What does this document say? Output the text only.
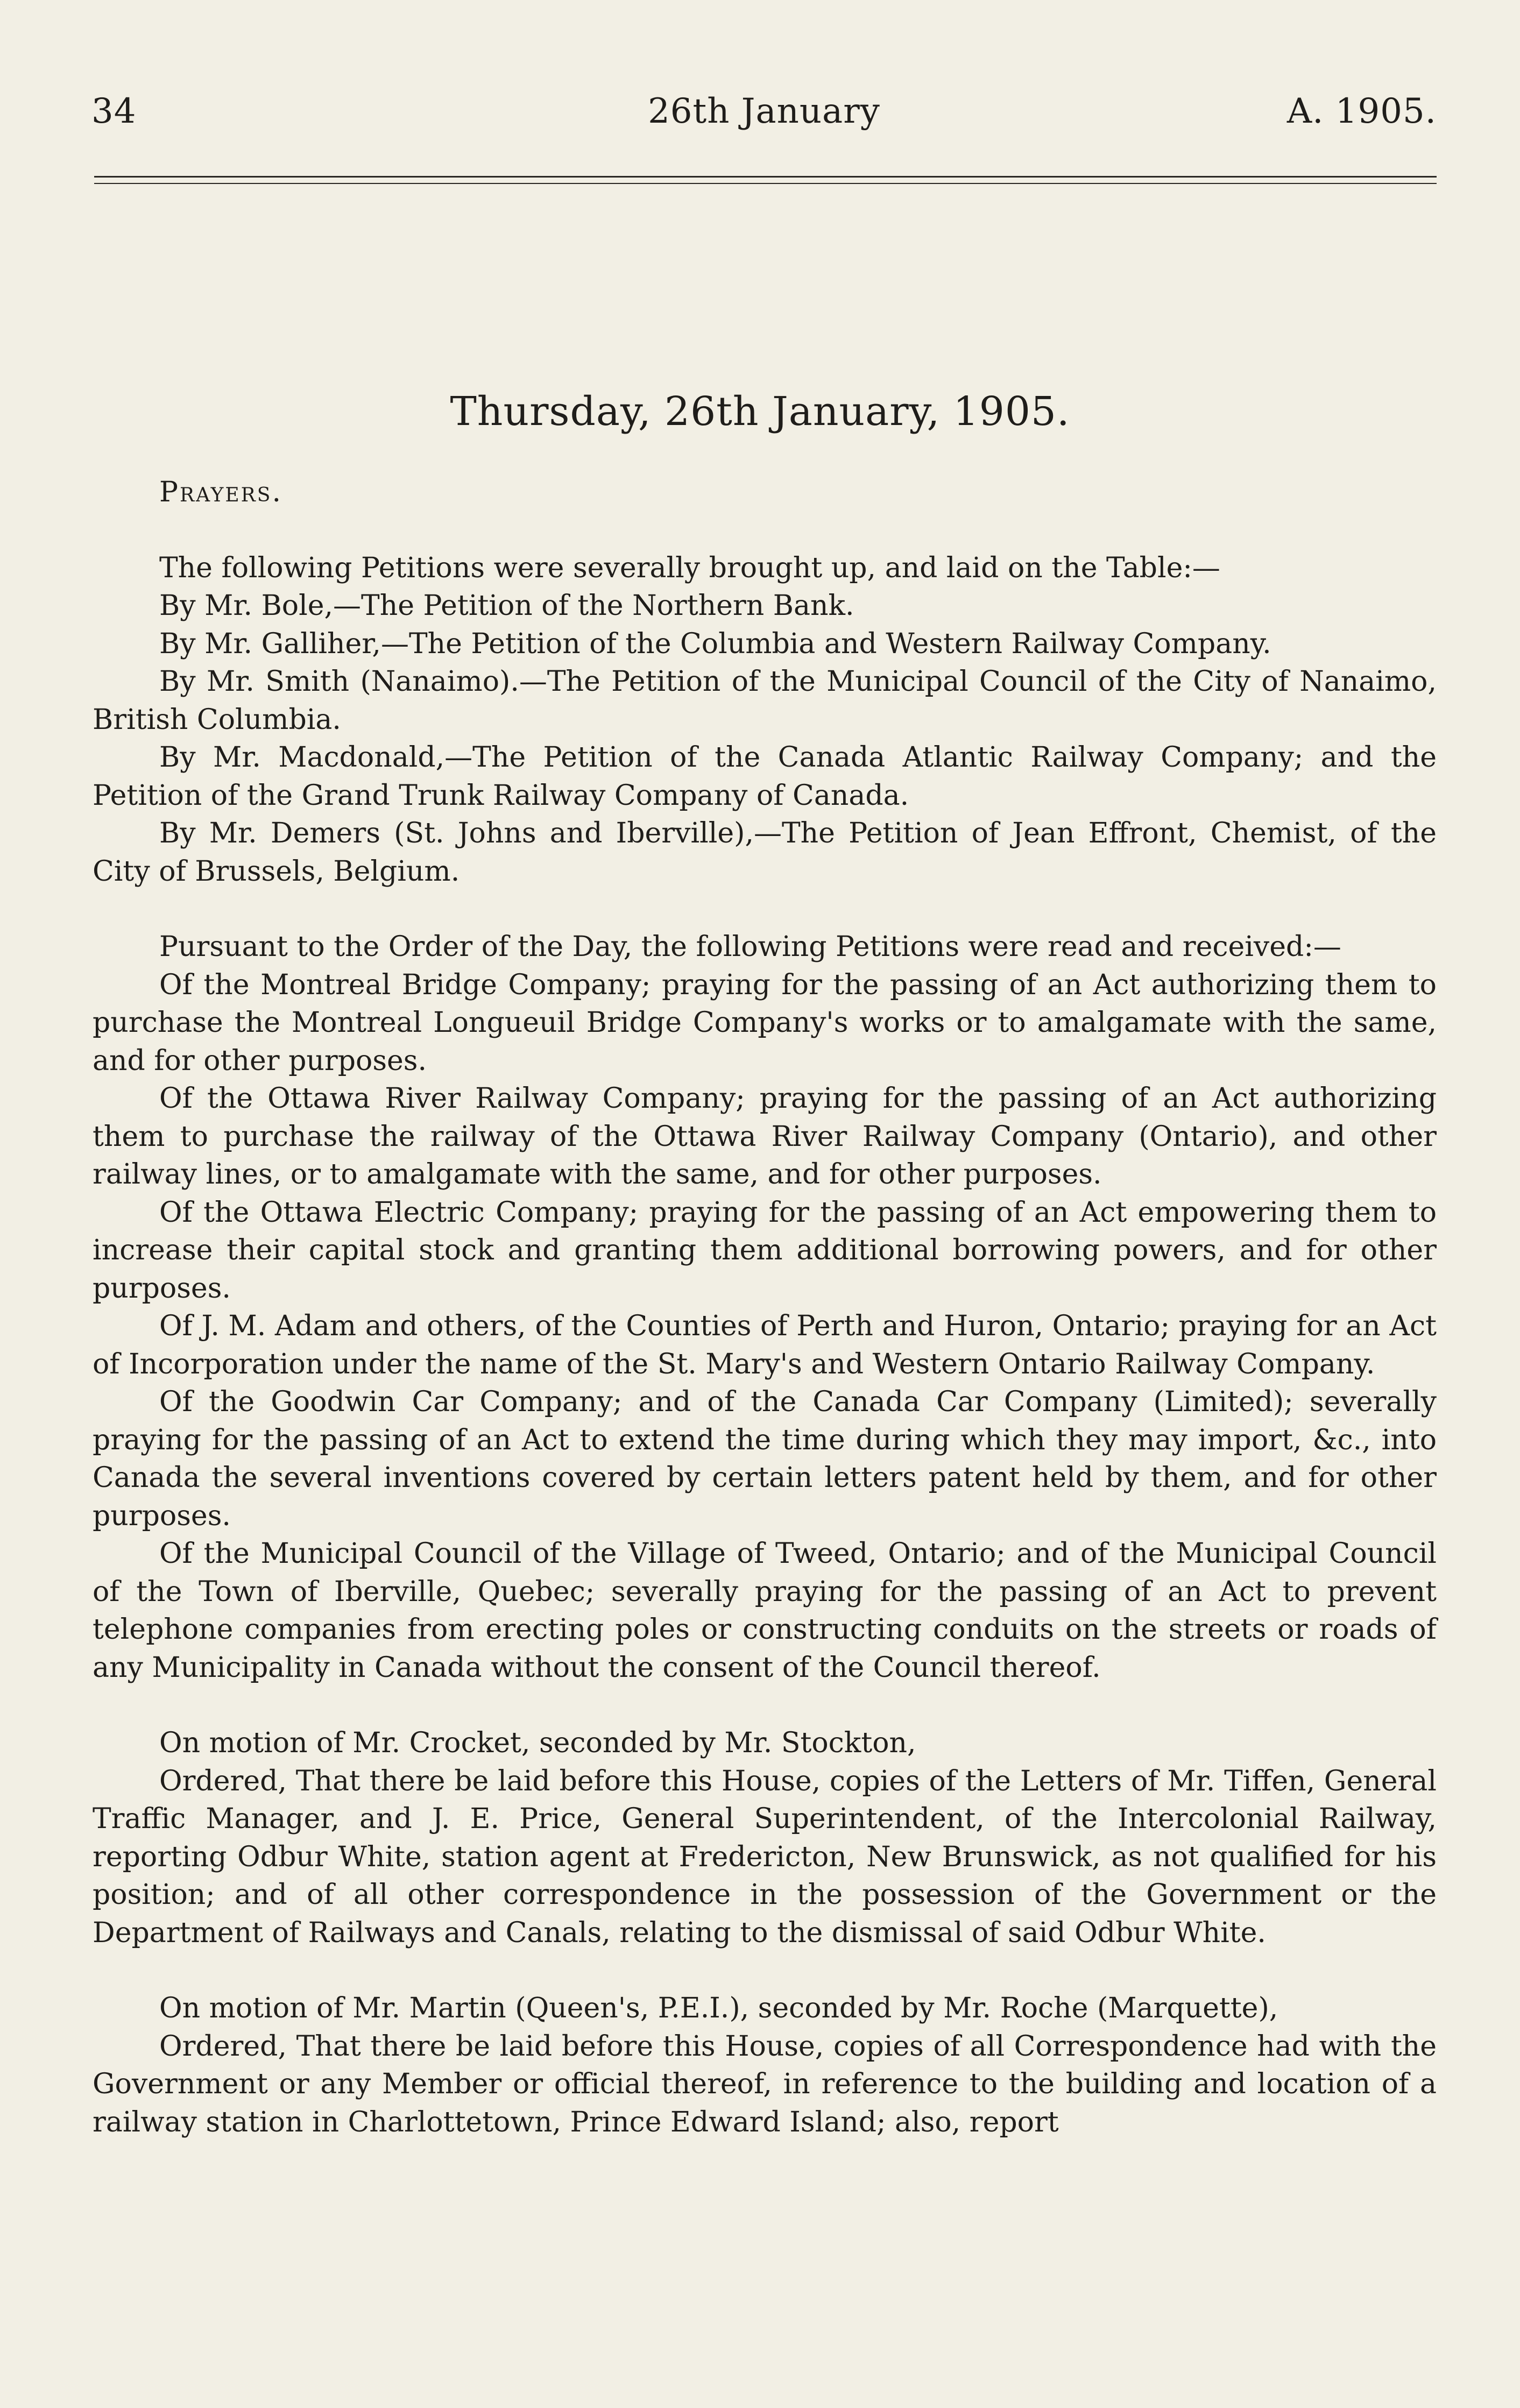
34	26th January	A. 1905.
Thursday, 26th January, 1905.

Prayers.

The following Petitions were severally brought up, and laid on the Table:—

By Mr. Bole,—The Petition of the Northern Bank.

By Mr. Galliher,—The Petition of the Columbia and Western Railway Company.

By Mr. Smith (Nanaimo).—The Petition of the Municipal Council of the City of Nanaimo, British Columbia.

By Mr. Macdonald,—The Petition of the Canada Atlantic Railway Company; and the Petition of the Grand Trunk Railway Company of Canada.

By Mr. Demers (St. Johns and Iberville),—The Petition of Jean Effront, Chemist, of the City of Brussels, Belgium.

Pursuant to the Order of the Day, the following Petitions were read and received:—

Of the Montreal Bridge Company; praying for the passing of an Act authorizing them to purchase the Montreal Longueuil Bridge Company's works or to amalgamate with the same, and for other purposes.

Of the Ottawa River Railway Company; praying for the passing of an Act authorizing them to purchase the railway of the Ottawa River Railway Company (Ontario), and other railway lines, or to amalgamate with the same, and for other purposes.

Of the Ottawa Electric Company; praying for the passing of an Act empowering them to increase their capital stock and granting them additional borrowing powers, and for other purposes.

Of J. M. Adam and others, of the Counties of Perth and Huron, Ontario; praying for an Act of Incorporation under the name of the St. Mary's and Western Ontario Railway Company.

Of the Goodwin Car Company; and of the Canada Car Company (Limited); severally praying for the passing of an Act to extend the time during which they may import, &c., into Canada the several inventions covered by certain letters patent held by them, and for other purposes.

Of the Municipal Council of the Village of Tweed, Ontario; and of the Municipal Council of the Town of Iberville, Quebec; severally praying for the passing of an Act to prevent telephone companies from erecting poles or constructing conduits on the streets or roads of any Municipality in Canada without the consent of the Council thereof.

On motion of Mr. Crocket, seconded by Mr. Stockton,

Ordered, That there be laid before this House, copies of the Letters of Mr. Tiffen, General Traffic Manager, and J. E. Price, General Superintendent, of the Intercolonial Railway, reporting Odbur White, station agent at Fredericton, New Brunswick, as not qualified for his position; and of all other correspondence in the possession of the Government or the Department of Railways and Canals, relating to the dismissal of said Odbur White.

On motion of Mr. Martin (Queen's, P.E.I.), seconded by Mr. Roche (Marquette),

Ordered, That there be laid before this House, copies of all Correspondence had with the Government or any Member or official thereof, in reference to the building and location of a railway station in Charlottetown, Prince Edward Island; also, report
